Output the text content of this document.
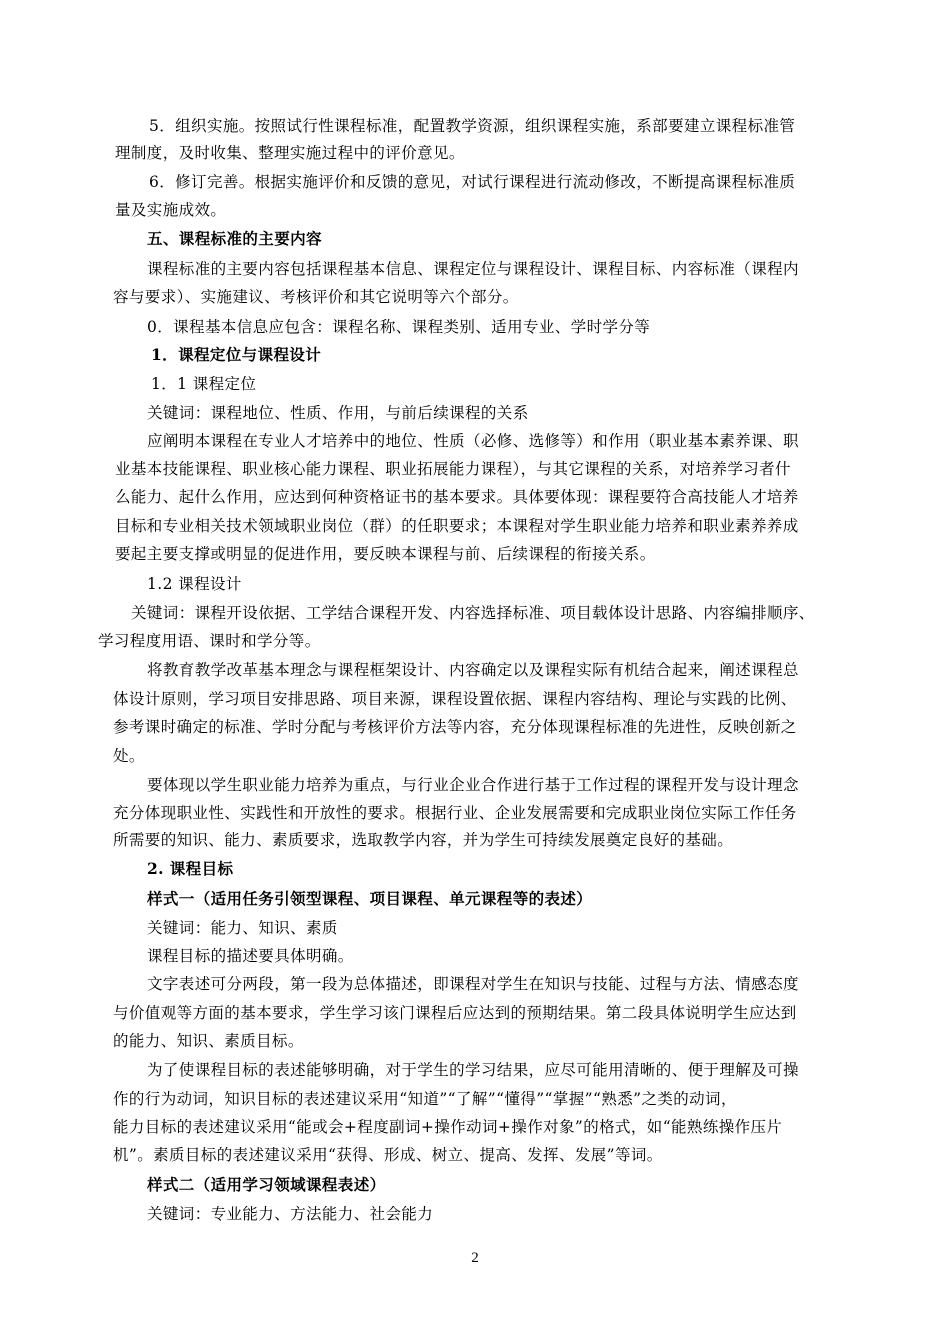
5．组织实施。按照试行性课程标准，配置教学资源，组织课程实施，系部要建立课程标准管
理制度，及时收集、整理实施过程中的评价意见。
6．修订完善。根据实施评价和反馈的意见，对试行课程进行流动修改，不断提高课程标准质
量及实施成效。
五、课程标准的主要内容
课程标准的主要内容包括课程基本信息、课程定位与课程设计、课程目标、内容标准（课程内
容与要求）、实施建议、考核评价和其它说明等六个部分。
0．课程基本信息应包含：课程名称、课程类别、适用专业、学时学分等
1．课程定位与课程设计
1．1 课程定位
关键词：课程地位、性质、作用，与前后续课程的关系
应阐明本课程在专业人才培养中的地位、性质（必修、选修等）和作用（职业基本素养课、职
业基本技能课程、职业核心能力课程、职业拓展能力课程），与其它课程的关系，对培养学习者什
么能力、起什么作用，应达到何种资格证书的基本要求。具体要体现：课程要符合高技能人才培养
目标和专业相关技术领域职业岗位（群）的任职要求；本课程对学生职业能力培养和职业素养养成
要起主要支撑或明显的促进作用，要反映本课程与前、后续课程的衔接关系。
1.2 课程设计
关键词：课程开设依据、工学结合课程开发、内容选择标准、项目载体设计思路、内容编排顺序、
学习程度用语、课时和学分等。
将教育教学改革基本理念与课程框架设计、内容确定以及课程实际有机结合起来，阐述课程总
体设计原则，学习项目安排思路、项目来源，课程设置依据、课程内容结构、理论与实践的比例、
参考课时确定的标准、学时分配与考核评价方法等内容，充分体现课程标准的先进性，反映创新之
处。
要体现以学生职业能力培养为重点，与行业企业合作进行基于工作过程的课程开发与设计理念
充分体现职业性、实践性和开放性的要求。根据行业、企业发展需要和完成职业岗位实际工作任务
所需要的知识、能力、素质要求，选取教学内容，并为学生可持续发展奠定良好的基础。
2. 课程目标
样式一（适用任务引领型课程、项目课程、单元课程等的表述）
关键词：能力、知识、素质
课程目标的描述要具体明确。
文字表述可分两段，第一段为总体描述，即课程对学生在知识与技能、过程与方法、情感态度
与价值观等方面的基本要求，学生学习该门课程后应达到的预期结果。第二段具体说明学生应达到
的能力、知识、素质目标。
为了使课程目标的表述能够明确，对于学生的学习结果，应尽可能用清晰的、便于理解及可操
作的行为动词，知识目标的表述建议采用“知道”“了解”“懂得”“掌握”“熟悉”之类的动词，
能力目标的表述建议采用“能或会+程度副词+操作动词+操作对象”的格式，如“能熟练操作压片
机”。素质目标的表述建议采用“获得、形成、树立、提高、发挥、发展”等词。
样式二（适用学习领域课程表述）
关键词：专业能力、方法能力、社会能力
2
